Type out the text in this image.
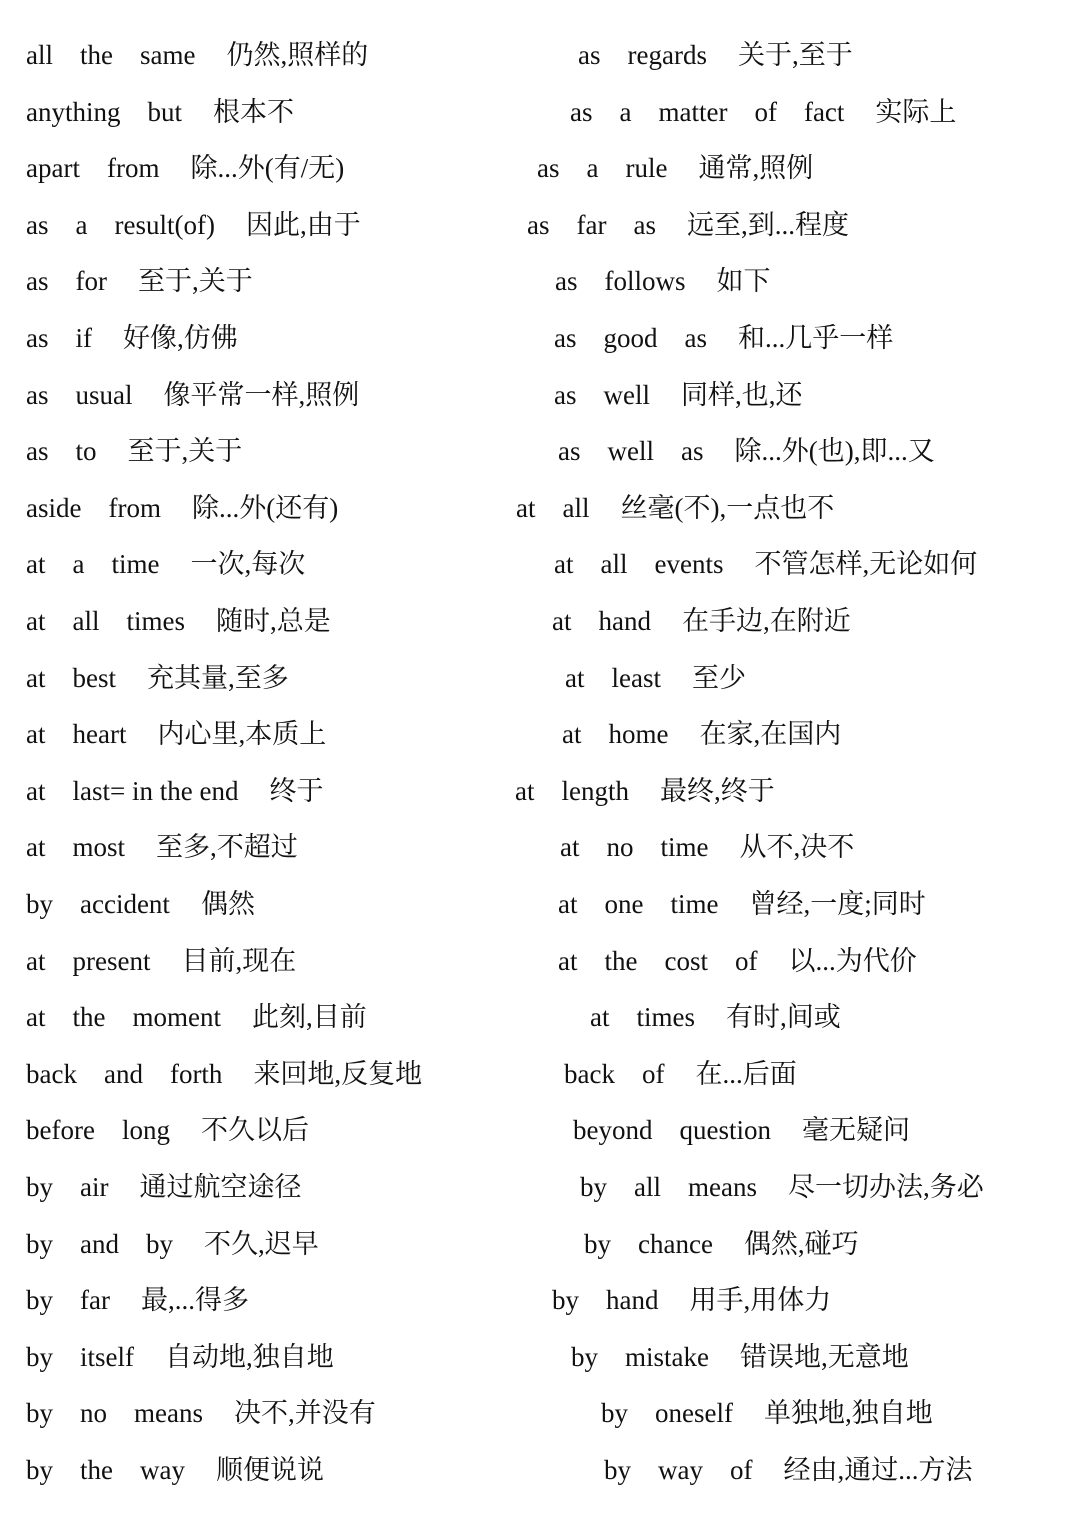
all the same 仍然,照样的	as regards 关于,至于
anything but 根本不	as a matter of fact 实际上
apart from 除...外(有/无)	as a rule 通常,照例
as a result(of) 因此,由于	as far as 远至,到...程度
as for 至于,关于	as follows 如下
as if 好像,仿佛	as good as 和...几乎一样
as usual 像平常一样,照例	as well 同样,也,还
as to 至于,关于	as well as 除...外(也),即...又
aside from 除...外(还有)	at all 丝毫(不),一点也不
at a time 一次,每次	at all events 不管怎样,无论如何
at all times 随时,总是	at hand 在手边,在附近
at best 充其量,至多	at least 至少
at heart 内心里,本质上	at home 在家,在国内
at last= in the end 终于	at length 最终,终于
at most 至多,不超过	at no time 从不,决不
by accident 偶然	at one time 曾经,一度;同时
at present 目前,现在	at the cost of 以...为代价
at the moment 此刻,目前	at times 有时,间或
back and forth 来回地,反复地	back of 在...后面
before long 不久以后	beyond question 毫无疑问
by air 通过航空途径	by all means 尽一切办法,务必
by and by 不久,迟早	by chance 偶然,碰巧
by far 最,...得多	by hand 用手,用体力
by itself 自动地,独自地	by mistake 错误地,无意地
by no means 决不,并没有	by oneself 单独地,独自地
by the way 顺便说说	by way of 经由,通过...方法
